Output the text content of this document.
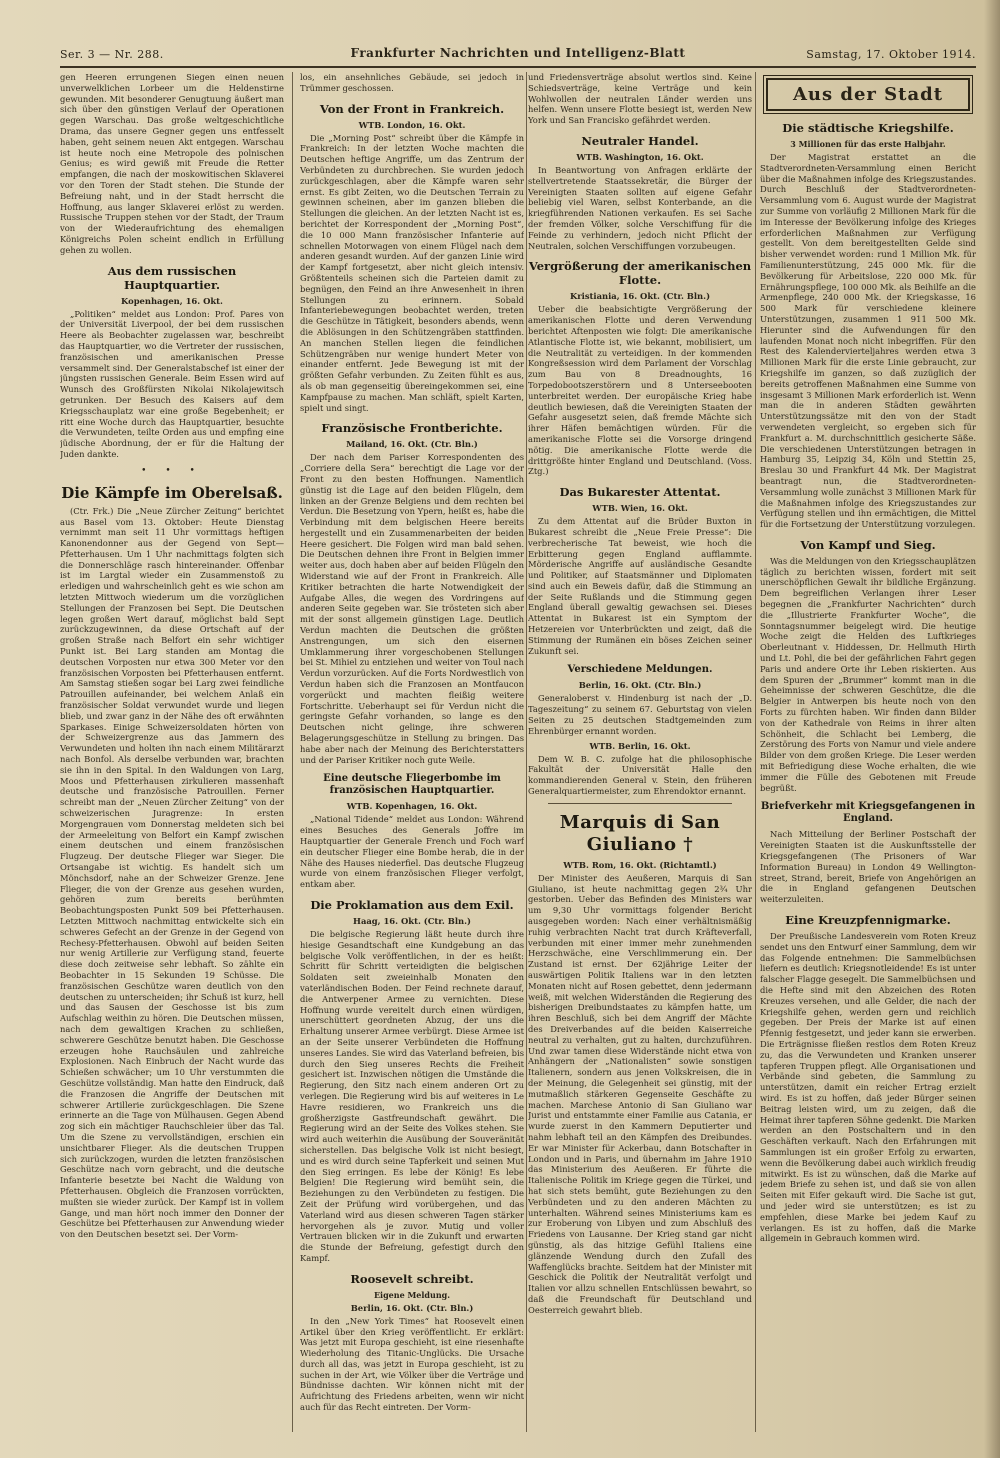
Ser. 3 — Nr. 288.	Frankfurter Nachrichten und Intelligenz-Blatt	Samstag, 17. Oktober 1914.

gen Heeren errungenen Siegen einen neuen unverwelklichen Lorbeer um die Heldenstirne gewunden. Mit besonderer Genugtuung äußert man sich über den günstigen Verlauf der Operationen gegen Warschau. Das große weltgeschichtliche Drama, das unsere Gegner gegen uns entfesselt haben, geht seinem neuen Akt entgegen. Warschau ist heute noch eine Metropole des polnischen Genius; es wird gewiß mit Freude die Retter empfangen, die nach der moskowitischen Sklaverei vor den Toren der Stadt stehen. Die Stunde der Befreiung naht, und in der Stadt herrscht die Hoffnung, aus langer Sklaverei erlöst zu werden. Russische Truppen stehen vor der Stadt, der Traum von der Wiederaufrichtung des ehemaligen Königreichs Polen scheint endlich in Erfüllung gehen zu wollen.

Aus dem russischen Hauptquartier.
Kopenhagen, 16. Okt.

„Politiken“ meldet aus London: Prof. Pares von der Universität Liverpool, der bei dem russischen Heere als Beobachter zugelassen war, beschreibt das Hauptquartier, wo die Vertreter der russischen, französischen und amerikanischen Presse versammelt sind. Der Generalstabschef ist einer der jüngsten russischen Generale. Beim Essen wird auf Wunsch des Großfürsten Nikolai Nikolajewitsch getrunken. Der Besuch des Kaisers auf dem Kriegsschauplatz war eine große Begebenheit; er ritt eine Woche durch das Hauptquartier, besuchte die Verwundeten, teilte Orden aus und empfing eine jüdische Abordnung, der er für die Haltung der Juden dankte.

• • •
Die Kämpfe im Oberelsaß.

(Ctr. Frk.) Die „Neue Zürcher Zeitung“ berichtet aus Basel vom 13. Oktober: Heute Dienstag vernimmt man seit 11 Uhr vormittags heftigen Kanonendonner aus der Gegend von Sept—Pfetterhausen. Um 1 Uhr nachmittags folgten sich die Donnerschläge rasch hintereinander. Offenbar ist im Largtal wieder ein Zusammenstoß zu erledigen und wahrscheinlich geht es wie schon am letzten Mittwoch wiederum um die vorzüglichen Stellungen der Franzosen bei Sept. Die Deutschen legen großen Wert darauf, möglichst bald Sept zurückzugewinnen, da diese Ortschaft auf der großen Straße nach Belfort ein sehr wichtiger Punkt ist. Bei Larg standen am Montag die deutschen Vorposten nur etwa 300 Meter vor den französischen Vorposten bei Pfetterhausen entfernt. Am Samstag stießen sogar bei Larg zwei feindliche Patrouillen aufeinander, bei welchem Anlaß ein französischer Soldat verwundet wurde und liegen blieb, und zwar ganz in der Nähe des oft erwähnten Sparkases. Einige Schweizersoldaten hörten von der Schweizergrenze aus das Jammern des Verwundeten und holten ihn nach einem Militärarzt nach Bonfol. Als derselbe verbunden war, brachten sie ihn in den Spital. In den Waldungen von Larg, Moos und Pfetterhausen zirkulieren massenhaft deutsche und französische Patrouillen. Ferner schreibt man der „Neuen Zürcher Zeitung“ von der schweizerischen Juragrenze: In ersten Morgengrauen vom Donnerstag meldeten sich bei der Armeeleitung von Belfort ein Kampf zwischen einem deutschen und einem französischen Flugzeug. Der deutsche Flieger war Sieger. Die Ortsangabe ist wichtig. Es handelt sich um Mönchsdorf, nahe an der Schweizer Grenze. Jene Flieger, die von der Grenze aus gesehen wurden, gehören zum bereits berühmten Beobachtungsposten Punkt 509 bei Pfetterhausen. Letzten Mittwoch nachmittag entwickelte sich ein schweres Gefecht an der Grenze in der Gegend von Rechesy-Pfetterhausen. Obwohl auf beiden Seiten nur wenig Artillerie zur Verfügung stand, feuerte diese doch zeitweise sehr lebhaft. So zählte ein Beobachter in 15 Sekunden 19 Schüsse. Die französischen Geschütze waren deutlich von den deutschen zu unterscheiden; ihr Schuß ist kurz, hell und das Sausen der Geschosse ist bis zum Aufschlag weithin zu hören. Die Deutschen müssen, nach dem gewaltigen Krachen zu schließen, schwerere Geschütze benutzt haben. Die Geschosse erzeugen hohe Rauchsäulen und zahlreiche Explosionen. Nach Einbruch der Nacht wurde das Schießen schwächer; um 10 Uhr verstummten die Geschütze vollständig. Man hatte den Eindruck, daß die Franzosen die Angriffe der Deutschen mit schwerer Artillerie zurückgeschlagen. Die Szene erinnerte an die Tage von Mülhausen. Gegen Abend zog sich ein mächtiger Rauchschleier über das Tal. Um die Szene zu vervollständigen, erschien ein unsichtbarer Flieger. Als die deutschen Truppen sich zurückzogen, wurden die letzten französischen Geschütze nach vorn gebracht, und die deutsche Infanterie besetzte bei Nacht die Waldung von Pfetterhausen. Obgleich die Franzosen vorrückten, mußten sie wieder zurück. Der Kampf ist in vollem Gange, und man hört noch immer den Donner der Geschütze bei Pfetterhausen zur Anwendung wieder von den Deutschen besetzt sei. Der Vorm-

los, ein ansehnliches Gebäude, sei jedoch in Trümmer geschossen.

Von der Front in Frankreich.
WTB. London, 16. Okt.

Die „Morning Post“ schreibt über die Kämpfe in Frankreich: In der letzten Woche machten die Deutschen heftige Angriffe, um das Zentrum der Verbündeten zu durchbrechen. Sie wurden jedoch zurückgeschlagen, aber die Kämpfe waren sehr ernst. Es gibt Zeiten, wo die Deutschen Terrain zu gewinnen scheinen, aber im ganzen blieben die Stellungen die gleichen. An der letzten Nacht ist es, berichtet der Korrespondent der „Morning Post“, die 10 000 Mann französischer Infanterie auf schnellen Motorwagen von einem Flügel nach dem anderen gesandt wurden. Auf der ganzen Linie wird der Kampf fortgesetzt, aber nicht gleich intensiv. Größtenteils scheinen sich die Parteien damit zu begnügen, den Feind an ihre Anwesenheit in ihren Stellungen zu erinnern. Sobald Infanteriebewegungen beobachtet werden, treten die Geschütze in Tätigkeit, besonders abends, wenn die Ablösungen in den Schützengräben stattfinden. An manchen Stellen liegen die feindlichen Schützengräben nur wenige hundert Meter von einander entfernt. Jede Bewegung ist mit der größten Gefahr verbunden. Zu Zeiten fühlt es aus, als ob man gegenseitig übereingekommen sei, eine Kampfpause zu machen. Man schläft, spielt Karten, spielt und singt.

Französische Frontberichte.
Mailand, 16. Okt. (Ctr. Bln.)

Der nach dem Pariser Korrespondenten des „Corriere della Sera“ berechtigt die Lage vor der Front zu den besten Hoffnungen. Namentlich günstig ist die Lage auf den beiden Flügeln, dem linken an der Grenze Belgiens und dem rechten bei Verdun. Die Besetzung von Ypern, heißt es, habe die Verbindung mit dem belgischen Heere bereits hergestellt und ein Zusammenarbeiten der beiden Heere gesichert. Die Folgen wird man bald sehen. Die Deutschen dehnen ihre Front in Belgien immer weiter aus, doch haben aber auf beiden Flügeln den Widerstand wie auf der Front in Frankreich. Alle Kritiker betrachten die harte Notwendigkeit der Aufgabe Alles, die wegen des Vordringens auf anderen Seite gegeben war. Sie trösteten sich aber mit der sonst allgemein günstigen Lage. Deutlich Verdun machten die Deutschen die größten Anstrengungen, um sich den eisernen Umklammerung ihrer vorgeschobenen Stellungen bei St. Mihiel zu entziehen und weiter von Toul nach Verdun vorzurücken. Auf die Forts Nordwestlich von Verdun haben sich die Franzosen an Montfaucon vorgerückt und machten fleißig weitere Fortschritte. Ueberhaupt sei für Verdun nicht die geringste Gefahr vorhanden, so lange es den Deutschen nicht gelinge, ihre schweren Belagerungsgeschütze in Stellung zu bringen. Das habe aber nach der Meinung des Berichterstatters und der Pariser Kritiker noch gute Weile.

Eine deutsche Fliegerbombe im französischen Hauptquartier.
WTB. Kopenhagen, 16. Okt.

„National Tidende“ meldet aus London: Während eines Besuches des Generals Joffre im Hauptquartier der Generale French und Foch warf ein deutscher Flieger eine Bombe herab, die in der Nähe des Hauses niederfiel. Das deutsche Flugzeug wurde von einem französischen Flieger verfolgt, entkam aber.

Die Proklamation aus dem Exil.
Haag, 16. Okt. (Ctr. Bln.)

Die belgische Regierung läßt heute durch ihre hiesige Gesandtschaft eine Kundgebung an das belgische Volk veröffentlichen, in der es heißt: Schritt für Schritt verteidigten die belgischen Soldaten seit zweieinhalb Monaten den vaterländischen Boden. Der Feind rechnete darauf, die Antwerpener Armee zu vernichten. Diese Hoffnung wurde vereitelt durch einen würdigen, unerschüttert geordneten Abzug, der uns die Erhaltung unserer Armee verbürgt. Diese Armee ist an der Seite unserer Verbündeten die Hoffnung unseres Landes. Sie wird das Vaterland befreien, bis durch den Sieg unseres Rechts die Freiheit gesichert ist. Inzwischen nötigen die Umstände die Regierung, den Sitz nach einem anderen Ort zu verlegen. Die Regierung wird bis auf weiteres in Le Havre residieren, wo Frankreich uns die großherzigste Gastfreundschaft gewährt. Die Regierung wird an der Seite des Volkes stehen. Sie wird auch weiterhin die Ausübung der Souveränität sicherstellen. Das belgische Volk ist nicht besiegt, und es wird durch seine Tapferkeit und seinen Mut den Sieg erringen. Es lebe der König! Es lebe Belgien! Die Regierung wird bemüht sein, die Beziehungen zu den Verbündeten zu festigen. Die Zeit der Prüfung wird vorübergehen, und das Vaterland wird aus diesen schweren Tagen stärker hervorgehen als je zuvor. Mutig und voller Vertrauen blicken wir in die Zukunft und erwarten die Stunde der Befreiung, gefestigt durch den Kampf.

Roosevelt schreibt.
Eigene Meldung.
Berlin, 16. Okt. (Ctr. Bln.)

In den „New York Times“ hat Roosevelt einen Artikel über den Krieg veröffentlicht. Er erklärt: Was jetzt mit Europa geschieht, ist eine riesenhafte Wiederholung des Titanic-Unglücks. Die Ursache durch all das, was jetzt in Europa geschieht, ist zu suchen in der Art, wie Völker über die Verträge und Bündnisse dachten. Wir können nicht mit der Aufrichtung des Friedens arbeiten, wenn wir nicht auch für das Recht eintreten. Der Vorm-

und Friedensverträge absolut wertlos sind. Keine Schiedsverträge, keine Verträge und kein Wohlwollen der neutralen Länder werden uns helfen. Wenn unsere Flotte besiegt ist, werden New York und San Francisko gefährdet werden.

Neutraler Handel.
WTB. Washington, 16. Okt.

In Beantwortung von Anfragen erklärte der stellvertretende Staatssekretär, die Bürger der Vereinigten Staaten sollten auf eigene Gefahr beliebig viel Waren, selbst Konterbande, an die kriegführenden Nationen verkaufen. Es sei Sache der fremden Völker, solche Verschiffung für die Feinde zu verhindern, jedoch nicht Pflicht der Neutralen, solchen Verschiffungen vorzubeugen.

Vergrößerung der amerikanischen Flotte.
Kristiania, 16. Okt. (Ctr. Bln.)

Ueber die beabsichtigte Vergrößerung der amerikanischen Flotte und deren Verwendung berichtet Aftenposten wie folgt: Die amerikanische Atlantische Flotte ist, wie bekannt, mobilisiert, um die Neutralität zu verteidigen. In der kommenden Kongreßsession wird dem Parlament der Vorschlag zum Bau von 8 Dreadnoughts, 16 Torpedobootszerstörern und 8 Unterseebooten unterbreitet werden. Der europäische Krieg habe deutlich bewiesen, daß die Vereinigten Staaten der Gefahr ausgesetzt seien, daß fremde Mächte sich ihrer Häfen bemächtigen würden. Für die amerikanische Flotte sei die Vorsorge dringend nötig. Die amerikanische Flotte werde die drittgrößte hinter England und Deutschland. (Voss. Ztg.)

Das Bukarester Attentat.
WTB. Wien, 16. Okt.

Zu dem Attentat auf die Brüder Buxton in Bukarest schreibt die „Neue Freie Presse“: Die verbrecherische Tat beweist, wie hoch die Erbitterung gegen England aufflammte. Mörderische Angriffe auf ausländische Gesandte und Politiker, auf Staatsmänner und Diplomaten sind auch ein Beweis dafür, daß die Stimmung an der Seite Rußlands und die Stimmung gegen England überall gewaltig gewachsen sei. Dieses Attentat in Bukarest ist ein Symptom der Hetzereien vor Unterbrückten und zeigt, daß die Stimmung der Rumänen ein böses Zeichen seiner Zukunft sei.

Verschiedene Meldungen.
Berlin, 16. Okt. (Ctr. Bln.)

Generaloberst v. Hindenburg ist nach der „D. Tageszeitung“ zu seinem 67. Geburtstag von vielen Seiten zu 25 deutschen Stadtgemeinden zum Ehrenbürger ernannt worden.

WTB. Berlin, 16. Okt.

Dem W. B. C. zufolge hat die philosophische Fakultät der Universität Halle den kommandierenden General v. Stein, den früheren Generalquartiermeister, zum Ehrendoktor ernannt.

Marquis di San Giuliano †
WTB. Rom, 16. Okt. (Richtamtl.)

Der Minister des Aeußeren, Marquis di San Giuliano, ist heute nachmittag gegen 2¾ Uhr gestorben. Ueber das Befinden des Ministers war um 9,30 Uhr vormittags folgender Bericht ausgegeben worden: Nach einer verhältnismäßig ruhig verbrachten Nacht trat durch Kräfteverfall, verbunden mit einer immer mehr zunehmenden Herzschwäche, eine Verschlimmerung ein. Der Zustand ist ernst. Der 62jährige Leiter der auswärtigen Politik Italiens war in den letzten Monaten nicht auf Rosen gebettet, denn jedermann weiß, mit welchen Widerständen die Regierung des bisherigen Dreibundstaates zu kämpfen hatte, um ihren Beschluß, sich bei dem Angriff der Mächte des Dreiverbandes auf die beiden Kaiserreiche neutral zu verhalten, gut zu halten, durchzuführen. Und zwar tamen diese Widerstände nicht etwa von Anhängern der „Nationalisten“ sowie sonstigen Italienern, sondern aus jenen Volkskreisen, die in der Meinung, die Gelegenheit sei günstig, mit der mutmaßlich stärkeren Gegenseite Geschäfte zu machen. Marchese Antonio di San Giuliano war Jurist und entstammte einer Familie aus Catania, er wurde zuerst in den Kammern Deputierter und nahm lebhaft teil an den Kämpfen des Dreibundes. Er war Minister für Ackerbau, dann Botschafter in London und in Paris, und übernahm im Jahre 1910 das Ministerium des Aeußeren. Er führte die Italienische Politik im Kriege gegen die Türkei, und hat sich stets bemüht, gute Beziehungen zu den Verbündeten und zu den anderen Mächten zu unterhalten. Während seines Ministeriums kam es zur Eroberung von Libyen und zum Abschluß des Friedens von Lausanne. Der Krieg stand gar nicht günstig, als das hitzige Gefühl Italiens eine glänzende Wendung durch den Zufall des Waffenglücks brachte. Seitdem hat der Minister mit Geschick die Politik der Neutralität verfolgt und Italien vor allzu schnellen Entschlüssen bewahrt, so daß die Freundschaft für Deutschland und Oesterreich gewahrt blieb.

Aus der Stadt
Die städtische Kriegshilfe.
3 Millionen für das erste Halbjahr.

Der Magistrat erstattet an die Stadtverordneten-Versammlung einen Bericht über die Maßnahmen infolge des Kriegszustandes. Durch Beschluß der Stadtverordneten-Versammlung vom 6. August wurde der Magistrat zur Summe von vorläufig 2 Millionen Mark für die im Interesse der Bevölkerung infolge des Krieges erforderlichen Maßnahmen zur Verfügung gestellt. Von dem bereitgestellten Gelde sind bisher verwendet worden: rund 1 Million Mk. für Familienunterstützung, 245 000 Mk. für die Bevölkerung für Arbeitslose, 220 000 Mk. für Ernährungspflege, 100 000 Mk. als Beihilfe an die Armenpflege, 240 000 Mk. der Kriegskasse, 16 500 Mark für verschiedene kleinere Unterstützungen, zusammen 1 911 500 Mk. Hierunter sind die Aufwendungen für den laufenden Monat noch nicht inbegriffen. Für den Rest des Kalendervierteljahres werden etwa 3 Millionen Mark für die erste Linie gebraucht, zur Kriegshilfe im ganzen, so daß zuzüglich der bereits getroffenen Maßnahmen eine Summe von insgesamt 3 Millionen Mark erforderlich ist. Wenn man die in anderen Städten gewährten Unterstützungssätze mit den von der Stadt verwendeten vergleicht, so ergeben sich für Frankfurt a. M. durchschnittlich gesicherte Säße. Die verschiedenen Unterstützungen betragen in Hamburg 35, Leipzig 34, Köln und Stettin 25, Breslau 30 und Frankfurt 44 Mk. Der Magistrat beantragt nun, die Stadtverordneten-Versammlung wolle zunächst 3 Millionen Mark für die Maßnahmen infolge des Kriegszustandes zur Verfügung stellen und ihn ermächtigen, die Mittel für die Fortsetzung der Unterstützung vorzulegen.

Von Kampf und Sieg.

Was die Meldungen von den Kriegsschauplätzen täglich zu berichten wissen, fordert mit seit unerschöpflichen Gewalt ihr bildliche Ergänzung. Dem begreiflichen Verlangen ihrer Leser begegnen die „Frankfurter Nachrichten“ durch die „Illustrierte Frankfurter Woche“, die Sonntagsnummer beigelegt wird. Die heutige Woche zeigt die Helden des Luftkrieges Oberleutnant v. Hiddessen, Dr. Hellmuth Hirth und Lt. Pohl, die bei der gefährlichen Fahrt gegen Paris und andere Orte ihr Leben riskierten. Aus dem Spuren der „Brummer“ kommt man in die Geheimnisse der schweren Geschütze, die die Belgier in Antwerpen bis heute noch von den Forts zu fürchten haben. Wir finden dann Bilder von der Kathedrale von Reims in ihrer alten Schönheit, die Schlacht bei Lemberg, die Zerstörung des Forts von Namur und viele andere Bilder von dem großen Kriege. Die Leser werden mit Befriedigung diese Woche erhalten, die wie immer die Fülle des Gebotenen mit Freude begrüßt.

Briefverkehr mit Kriegsgefangenen in England.

Nach Mitteilung der Berliner Postschaft der Vereinigten Staaten ist die Auskunftsstelle der Kriegsgefangenen (The Prisoners of War Information Bureau) in London 49 Wellington-street, Strand, bereit, Briefe von Angehörigen an die in England gefangenen Deutschen weiterzuleiten.

Eine Kreuzpfennigmarke.

Der Preußische Landesverein vom Roten Kreuz sendet uns den Entwurf einer Sammlung, dem wir das Folgende entnehmen: Die Sammelbüchsen liefern es deutlich: Kriegsnotleidende! Es ist unter falscher Flagge gesegelt. Die Sammelbüchsen und die Hefte sind mit den Abzeichen des Roten Kreuzes versehen, und alle Gelder, die nach der Kriegshilfe gehen, werden gern und reichlich gegeben. Der Preis der Marke ist auf einen Pfennig festgesetzt, und jeder kann sie erwerben. Die Erträgnisse fließen restlos dem Roten Kreuz zu, das die Verwundeten und Kranken unserer tapferen Truppen pflegt. Alle Organisationen und Verbände sind gebeten, die Sammlung zu unterstützen, damit ein reicher Ertrag erzielt wird. Es ist zu hoffen, daß jeder Bürger seinen Beitrag leisten wird, um zu zeigen, daß die Heimat ihrer tapferen Söhne gedenkt. Die Marken werden an den Postschaltern und in den Geschäften verkauft. Nach den Erfahrungen mit Sammlungen ist ein großer Erfolg zu erwarten, wenn die Bevölkerung dabei auch wirklich freudig mitwirkt. Es ist zu wünschen, daß die Marke auf jedem Briefe zu sehen ist, und daß sie von allen Seiten mit Eifer gekauft wird. Die Sache ist gut, und jeder wird sie unterstützen; es ist zu empfehlen, diese Marke bei jedem Kauf zu verlangen. Es ist zu hoffen, daß die Marke allgemein in Gebrauch kommen wird.
